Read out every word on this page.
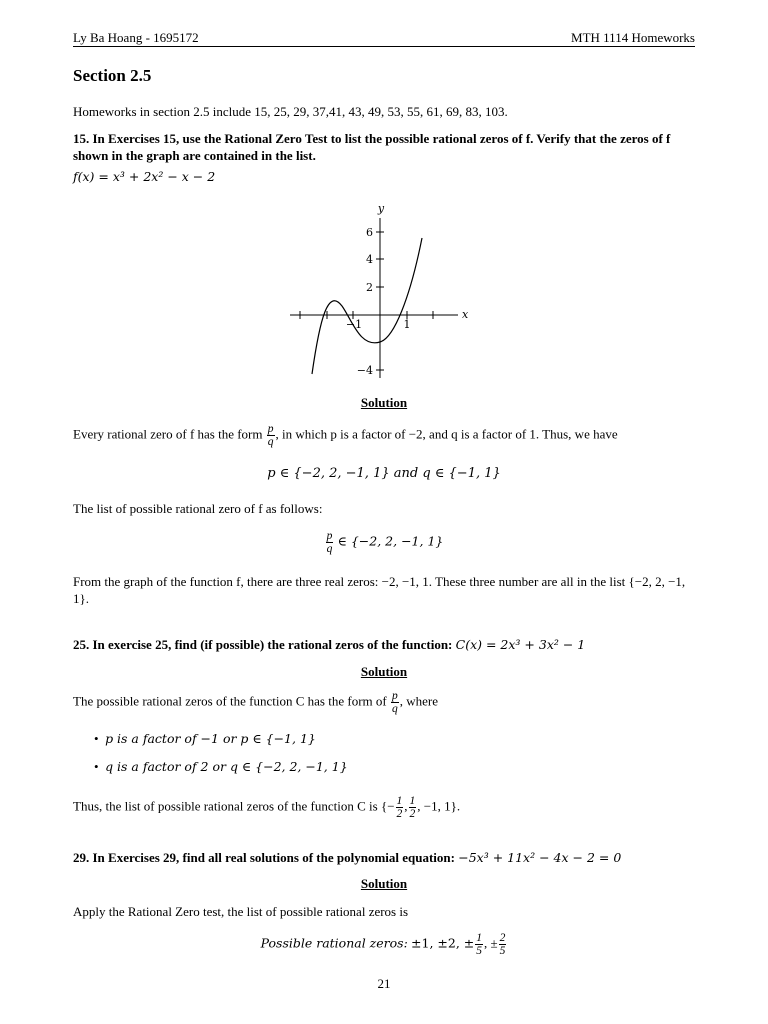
Ly Ba Hoang - 1695172	MTH 1114 Homeworks
Section 2.5
Homeworks in section 2.5 include 15, 25, 29, 37,41, 43, 49, 53, 55, 61, 69, 83, 103.
15. In Exercises 15, use the Rational Zero Test to list the possible rational zeros of f. Verify that the zeros of f shown in the graph are contained in the list.
f(x) = x³ + 2x² − x − 2
y
x
6
4
2
−4
−1	1
Solution
Every rational zero of f has the form $\frac{p}{q}$ , in which p is a factor of −2, and q is a factor of 1. Thus, we have
p ∈ {−2, 2, −1, 1} and q ∈ {−1, 1}
The list of possible rational zero of f as follows:
$\frac{p}{q}$ ∈ {−2, 2, −1, 1}
From the graph of the function f, there are three real zeros: −2, −1, 1. These three number are all in the list {−2, 2, −1, 1}.
25. In exercise 25, find (if possible) the rational zeros of the function: C(x) = 2x³ + 3x² − 1
Solution
The possible rational zeros of the function C has the form of $\frac{p}{q}$ , where
•  p is a factor of −1 or p ∈ {−1, 1}
•  q is a factor of 2 or q ∈ {−2, 2, −1, 1}
Thus, the list of possible rational zeros of the function C is {− $\frac{1}{2}$ , $\frac{1}{2}$ , −1, 1}.
29. In Exercises 29, find all real solutions of the polynomial equation: −5x³ + 11x² − 4x − 2 = 0
Solution
Apply the Rational Zero test, the list of possible rational zeros is
Possible rational zeros: ±1, ±2, ± $\frac{1}{5}$ , ± $\frac{2}{5}$
21
